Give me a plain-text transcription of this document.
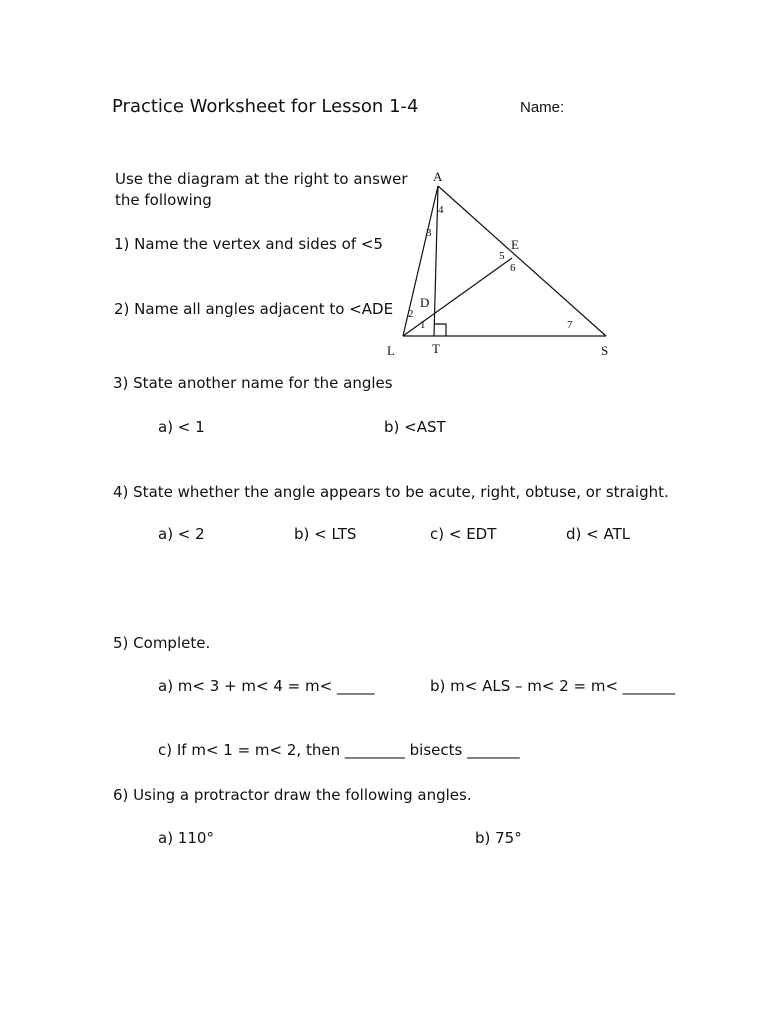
Practice Worksheet for Lesson 1-4	Name:
Use the diagram at the right to answer
the following
1) Name the vertex and sides of <5
2) Name all angles adjacent to <ADE
A
E
D
L	T	S
1
2
3
4
5
6
7
3) State another name for the angles
a) < 1	b) <AST
4) State whether the angle appears to be acute, right, obtuse, or straight.
a) < 2	b) < LTS	c) < EDT	d) < ATL
5) Complete.
a) m< 3 + m< 4 = m< _____	b) m< ALS – m< 2 = m< _______
c) If m< 1 = m< 2, then ________ bisects _______
6) Using a protractor draw the following angles.
a) 110°	b) 75°
